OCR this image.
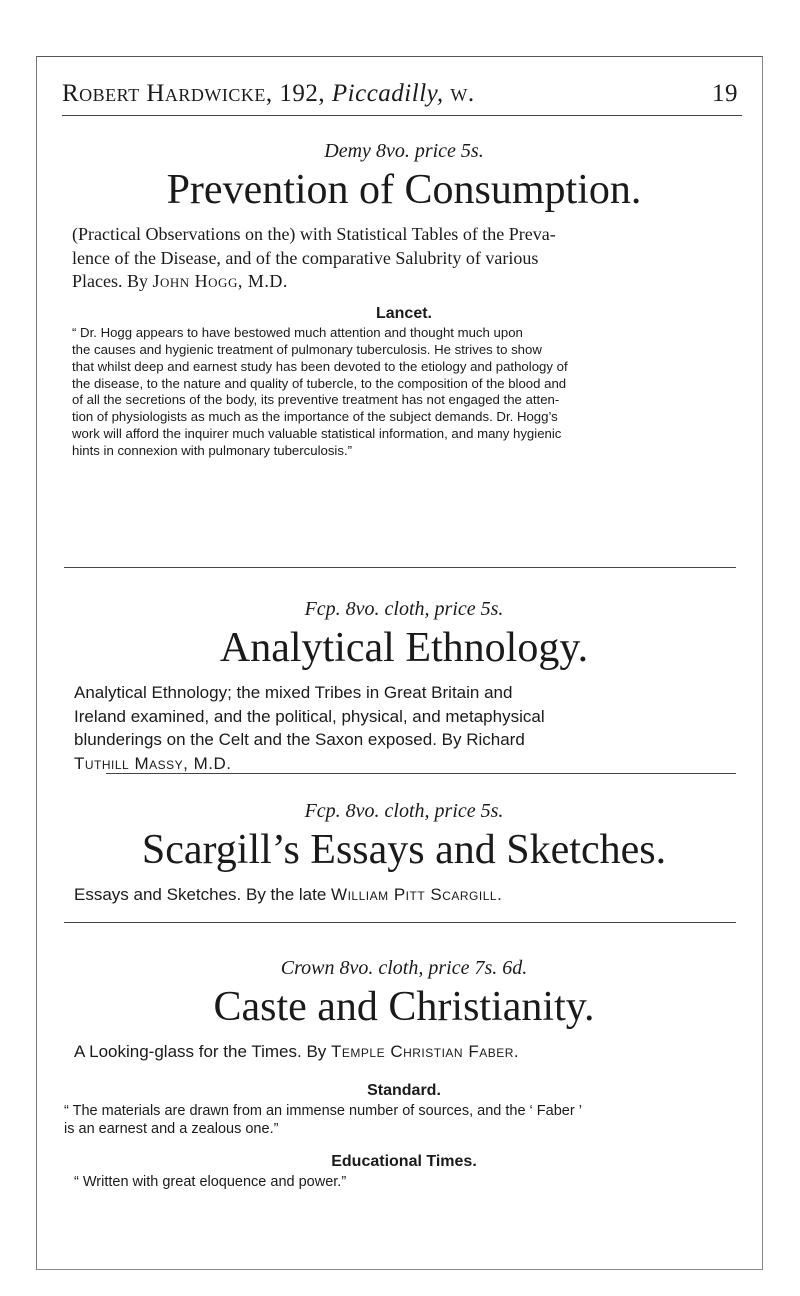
Robert Hardwicke, 192, Piccadilly, w.	19
Demy 8vo. price 5s.
Prevention of Consumption.
(Practical Observations on the) with Statistical Tables of the Preva-
lence of the Disease, and of the comparative Salubrity of various
Places. By John Hogg, M.D.
Lancet.
“ Dr. Hogg appears to have bestowed much attention and thought much upon
the causes and hygienic treatment of pulmonary tuberculosis. He strives to show
that whilst deep and earnest study has been devoted to the etiology and pathology of
the disease, to the nature and quality of tubercle, to the composition of the blood and
of all the secretions of the body, its preventive treatment has not engaged the atten-
tion of physiologists as much as the importance of the subject demands. Dr. Hogg’s
work will afford the inquirer much valuable statistical information, and many hygienic
hints in connexion with pulmonary tuberculosis.”
Fcp. 8vo. cloth, price 5s.
Analytical Ethnology.
Analytical Ethnology; the mixed Tribes in Great Britain and
Ireland examined, and the political, physical, and metaphysical
blunderings on the Celt and the Saxon exposed. By Richard
Tuthill Massy, M.D.
Fcp. 8vo. cloth, price 5s.
Scargill’s Essays and Sketches.
Essays and Sketches. By the late William Pitt Scargill.
Crown 8vo. cloth, price 7s. 6d.
Caste and Christianity.
A Looking-glass for the Times. By Temple Christian Faber.
Standard.
“ The materials are drawn from an immense number of sources, and the ‘ Faber ’
is an earnest and a zealous one.”
Educational Times.
“ Written with great eloquence and power.”
